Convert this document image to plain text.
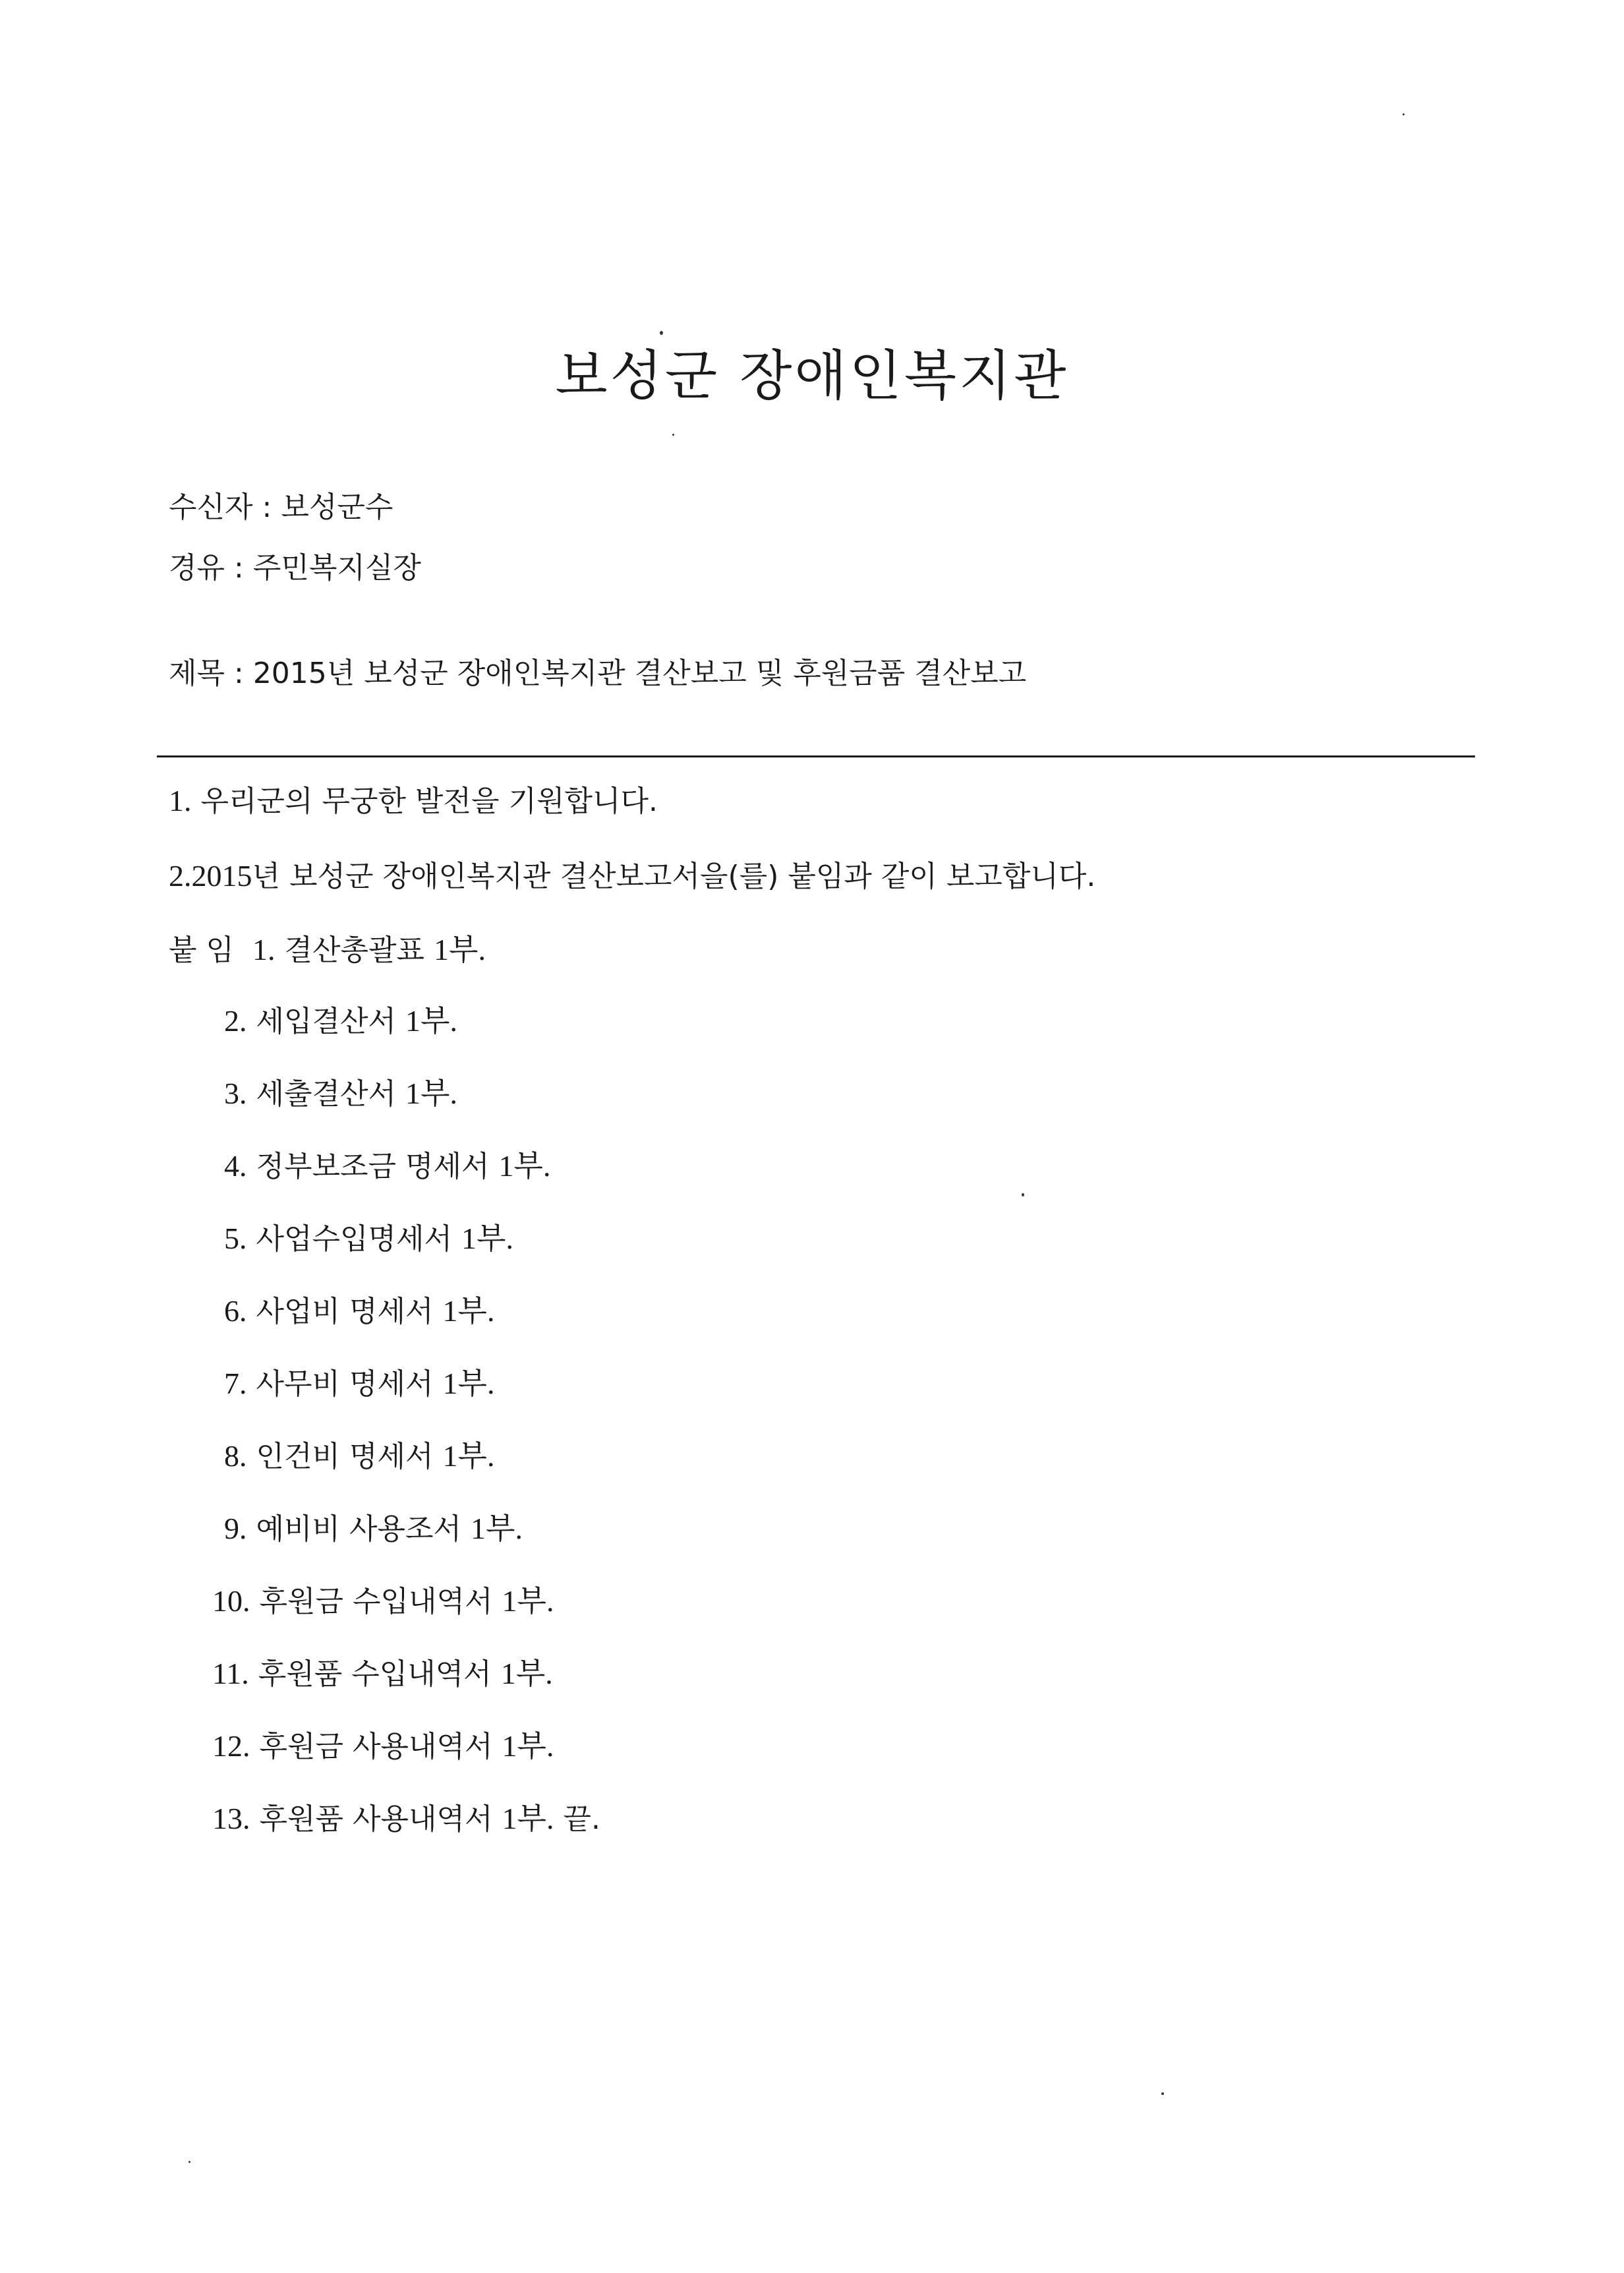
보성군 장애인복지관
수신자 : 보성군수
경유 : 주민복지실장
제목 : 2015년 보성군 장애인복지관 결산보고 및 후원금품 결산보고
1. 우리군의 무궁한 발전을 기원합니다.
2.2015년 보성군 장애인복지관 결산보고서을(를) 붙임과 같이 보고합니다.
붙 임 1. 결산총괄표 1부.
2. 세입결산서 1부.
3. 세출결산서 1부.
4. 정부보조금 명세서 1부.
5. 사업수입명세서 1부.
6. 사업비 명세서 1부.
7. 사무비 명세서 1부.
8. 인건비 명세서 1부.
9. 예비비 사용조서 1부.
10. 후원금 수입내역서 1부.
11. 후원품 수입내역서 1부.
12. 후원금 사용내역서 1부.
13. 후원품 사용내역서 1부. 끝.
